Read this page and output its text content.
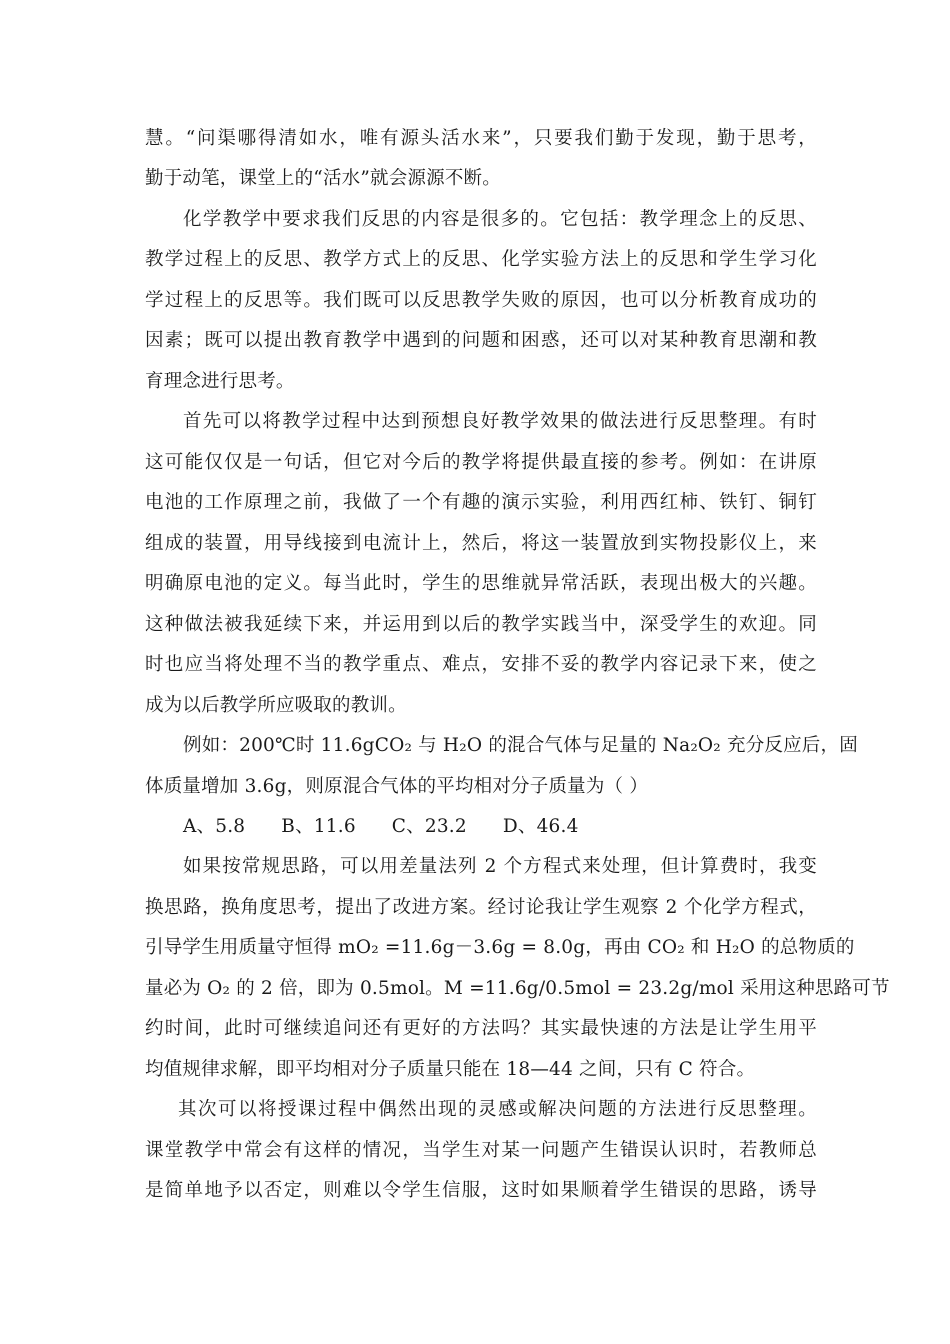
慧。“问渠哪得清如水，唯有源头活水来”，只要我们勤于发现，勤于思考，
勤于动笔，课堂上的“活水”就会源源不断。
化学教学中要求我们反思的内容是很多的。它包括：教学理念上的反思、
教学过程上的反思、教学方式上的反思、化学实验方法上的反思和学生学习化
学过程上的反思等。我们既可以反思教学失败的原因，也可以分析教育成功的
因素；既可以提出教育教学中遇到的问题和困惑，还可以对某种教育思潮和教
育理念进行思考。
首先可以将教学过程中达到预想良好教学效果的做法进行反思整理。有时
这可能仅仅是一句话，但它对今后的教学将提供最直接的参考。例如：在讲原
电池的工作原理之前，我做了一个有趣的演示实验，利用西红柿、铁钉、铜钉
组成的装置，用导线接到电流计上，然后，将这一装置放到实物投影仪上，来
明确原电池的定义。每当此时，学生的思维就异常活跃，表现出极大的兴趣。
这种做法被我延续下来，并运用到以后的教学实践当中，深受学生的欢迎。同
时也应当将处理不当的教学重点、难点，安排不妥的教学内容记录下来，使之
成为以后教学所应吸取的教训。
例如：200℃时 11.6gCO₂ 与 H₂O 的混合气体与足量的 Na₂O₂ 充分反应后，固
体质量增加 3.6g，则原混合气体的平均相对分子质量为（ ）
A、5.8 B、11.6 C、23.2 D、46.4
如果按常规思路，可以用差量法列 2 个方程式来处理，但计算费时，我变
换思路，换角度思考，提出了改进方案。经讨论我让学生观察 2 个化学方程式，
引导学生用质量守恒得 mO₂ =11.6g－3.6g = 8.0g，再由 CO₂ 和 H₂O 的总物质的
量必为 O₂ 的 2 倍，即为 0.5mol。M =11.6g/0.5mol = 23.2g/mol 采用这种思路可节
约时间，此时可继续追问还有更好的方法吗？其实最快速的方法是让学生用平
均值规律求解，即平均相对分子质量只能在 18—44 之间，只有 C 符合。
其次可以将授课过程中偶然出现的灵感或解决问题的方法进行反思整理。
课堂教学中常会有这样的情况，当学生对某一问题产生错误认识时，若教师总
是简单地予以否定，则难以令学生信服，这时如果顺着学生错误的思路，诱导
